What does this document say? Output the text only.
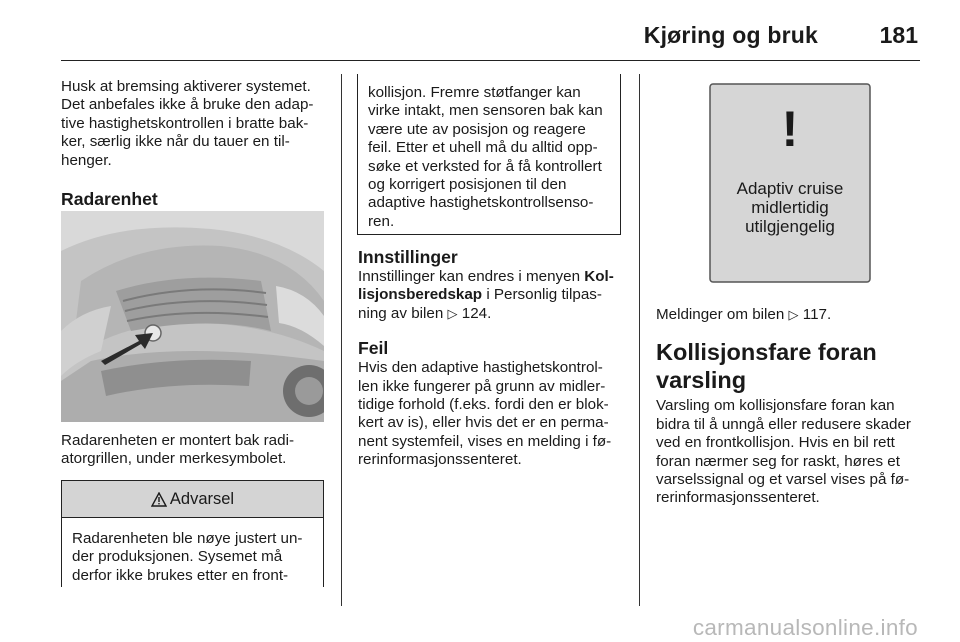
Kjøring og bruk	181

Husk at bremsing aktiverer systemet.
Det anbefales ikke å bruke den adap-
tive hastighetskontrollen i bratte bak-
ker, særlig ikke når du tauer en til-
henger.

Radarenhet

Radarenheten er montert bak radi-
atorgrillen, under merkesymbolet.

Advarsel

Radarenheten ble nøye justert un-
der produksjonen. Sysemet må
derfor ikke brukes etter en front-

kollisjon. Fremre støtfanger kan
virke intakt, men sensoren bak kan
være ute av posisjon og reagere
feil. Etter et uhell må du alltid opp-
søke et verksted for å få kontrollert
og korrigert posisjonen til den
adaptive hastighetskontrollsenso-
ren.

Innstillinger

Innstillinger kan endres i menyen Kol-
lisjonsberedskap i Personlig tilpas-
ning av bilen ▷ 124.

Feil

Hvis den adaptive hastighetskontrol-
len ikke fungerer på grunn av midler-
tidige forhold (f.eks. fordi den er blok-
kert av is), eller hvis det er en perma-
nent systemfeil, vises en melding i fø-
rerinformasjonssenteret.

!
Adaptiv cruise
midlertidig
utilgjengelig

Meldinger om bilen ▷ 117.

Kollisjonsfare foran
varsling

Varsling om kollisjonsfare foran kan
bidra til å unngå eller redusere skader
ved en frontkollisjon. Hvis en bil rett
foran nærmer seg for raskt, høres et
varselssignal og et varsel vises på fø-
rerinformasjonssenteret.

carmanualsonline.info
